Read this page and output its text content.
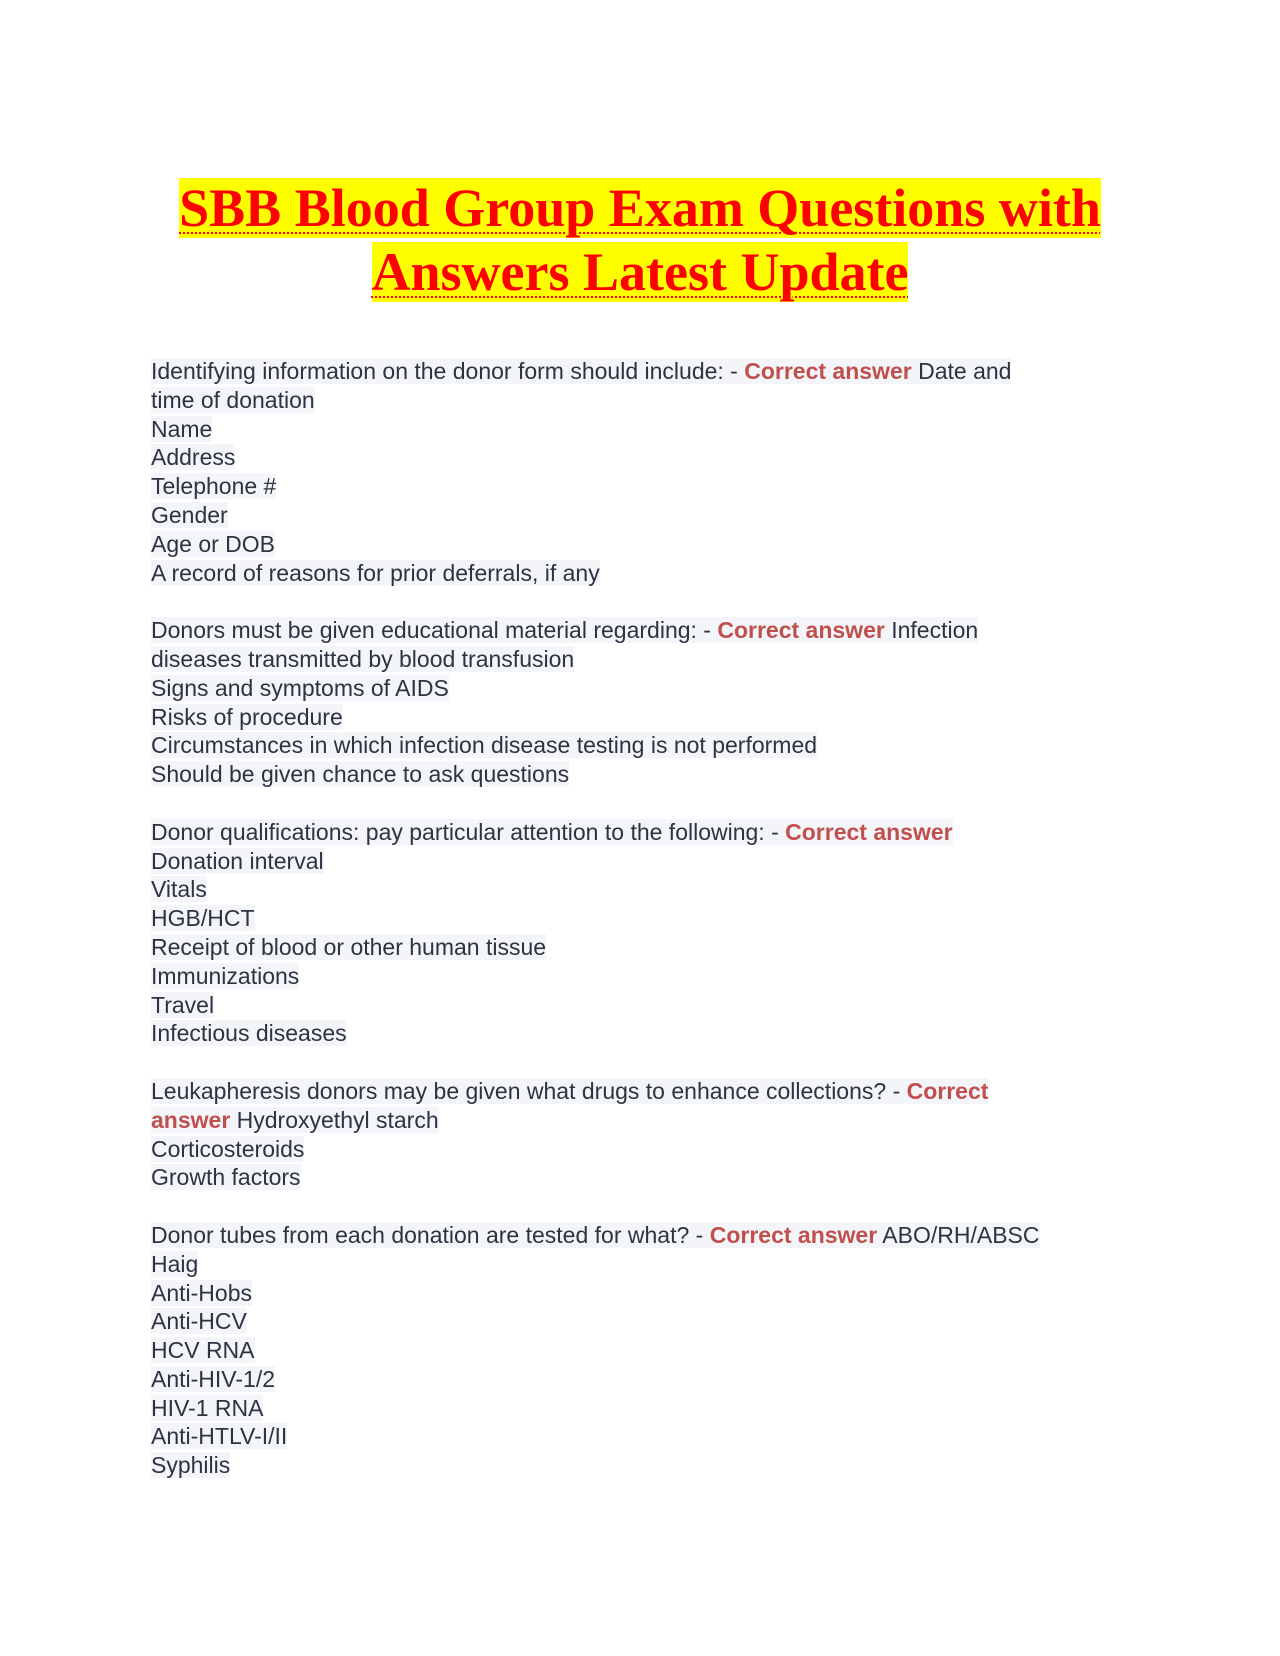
SBB Blood Group Exam Questions with
Answers Latest Update
Identifying information on the donor form should include: - Correct answer Date and
time of donation
Name
Address
Telephone #
Gender
Age or DOB
A record of reasons for prior deferrals, if any
Donors must be given educational material regarding: - Correct answer Infection
diseases transmitted by blood transfusion
Signs and symptoms of AIDS
Risks of procedure
Circumstances in which infection disease testing is not performed
Should be given chance to ask questions
Donor qualifications: pay particular attention to the following: - Correct answer
Donation interval
Vitals
HGB/HCT
Receipt of blood or other human tissue
Immunizations
Travel
Infectious diseases
Leukapheresis donors may be given what drugs to enhance collections? - Correct
answer Hydroxyethyl starch
Corticosteroids
Growth factors
Donor tubes from each donation are tested for what? - Correct answer ABO/RH/ABSC
Haig
Anti-Hobs
Anti-HCV
HCV RNA
Anti-HIV-1/2
HIV-1 RNA
Anti-HTLV-I/II
Syphilis
